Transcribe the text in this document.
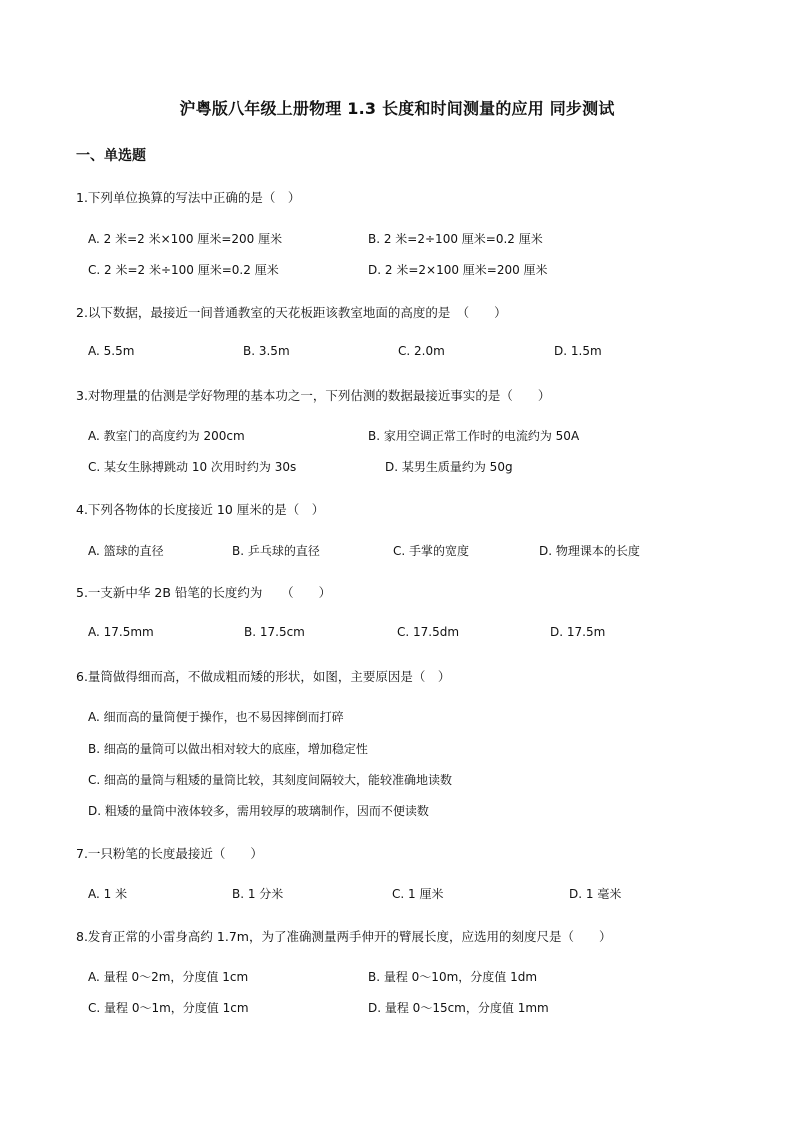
沪粤版八年级上册物理 1.3 长度和时间测量的应用 同步测试
一、单选题
1.下列单位换算的写法中正确的是（　）
A. 2 米=2 米×100 厘米=200 厘米	B. 2 米=2÷100 厘米=0.2 厘米
C. 2 米=2 米÷100 厘米=0.2 厘米	D. 2 米=2×100 厘米=200 厘米
2.以下数据，最接近一间普通教室的天花板距该教室地面的高度的是　（　　）
A. 5.5m	B. 3.5m	C. 2.0m	D. 1.5m
3.对物理量的估测是学好物理的基本功之一，下列估测的数据最接近事实的是（　　）
A. 教室门的高度约为 200cm	B. 家用空调正常工作时的电流约为 50A
C. 某女生脉搏跳动 10 次用时约为 30s	D. 某男生质量约为 50g
4.下列各物体的长度接近 10 厘米的是（　）
A. 篮球的直径	B. 乒乓球的直径	C. 手掌的宽度	D. 物理课本的长度
5.一支新中华 2B 铅笔的长度约为　　（　　）
A. 17.5mm	B. 17.5cm	C. 17.5dm	D. 17.5m
6.量筒做得细而高，不做成粗而矮的形状，如图，主要原因是（　）
A. 细而高的量筒便于操作，也不易因摔倒而打碎
B. 细高的量筒可以做出相对较大的底座，增加稳定性
C. 细高的量筒与粗矮的量筒比较，其刻度间隔较大，能较准确地读数
D. 粗矮的量筒中液体较多，需用较厚的玻璃制作，因而不便读数
7.一只粉笔的长度最接近（　　）
A. 1 米	B. 1 分米	C. 1 厘米	D. 1 毫米
8.发育正常的小雷身高约 1.7m，为了准确测量两手伸开的臂展长度，应选用的刻度尺是（　　）
A. 量程 0～2m，分度值 1cm	B. 量程 0～10m，分度值 1dm
C. 量程 0～1m，分度值 1cm	D. 量程 0～15cm，分度值 1mm
